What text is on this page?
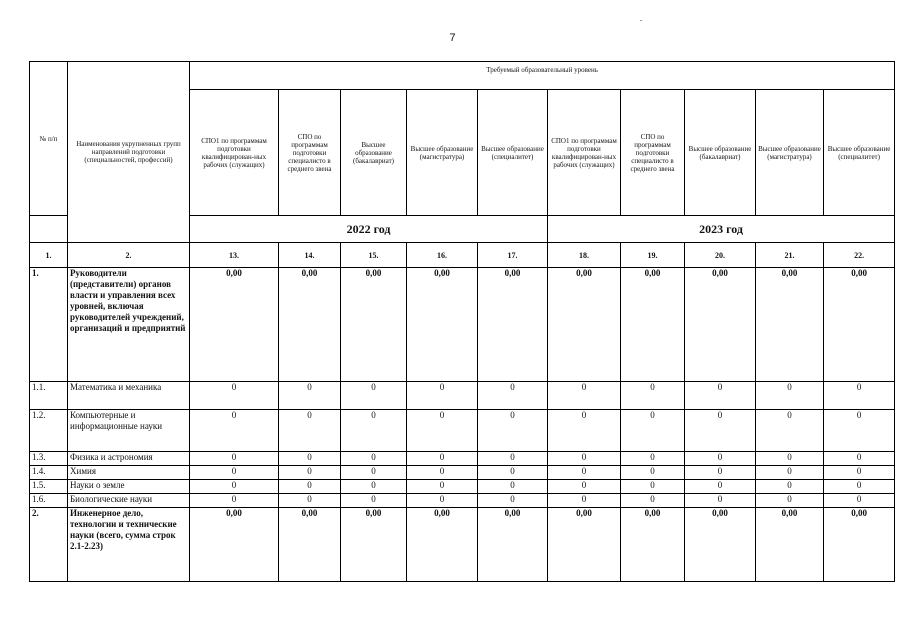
7
№ п/п	Наименования укрупненных групп направлений подготовки (специальностей, профессий)	Требуемый образовательный уровень									
		СПО1 по программам подготовки квалифицирован-ных рабочих (служащих)	СПО по программам подготовки специалисто в среднего звена	Высшее образование (бакалавриат)	Высшее образование (магистратура)	Высшее образование (специалитет)	СПО1 по программам подготовки квалифицирован-ных рабочих (служащих)	СПО по программам подготовки специалисто в среднего звена	Высшее образование (бакалавриат)	Высшее образование (магистратура)	Высшее образование (специалитет)
		2022 год					2023 год				
1.	2.	13.	14.	15.	16.	17.	18.	19.	20.	21.	22.
1.	Руководители (представители) органов власти и управления всех уровней, включая руководителей учреждений, организаций и предприятий	0,00	0,00	0,00	0,00	0,00	0,00	0,00	0,00	0,00	0,00
1.1.	Математика и механика	0	0	0	0	0	0	0	0	0	0
1.2.	Компьютерные и информационные науки	0	0	0	0	0	0	0	0	0	0
1.3.	Физика и астрономия	0	0	0	0	0	0	0	0	0	0
1.4.	Химия	0	0	0	0	0	0	0	0	0	0
1.5.	Науки о земле	0	0	0	0	0	0	0	0	0	0
1.6.	Биологические науки	0	0	0	0	0	0	0	0	0	0
2.	Инженерное дело, технологии и технические науки (всего, сумма строк 2.1-2.23)	0,00	0,00	0,00	0,00	0,00	0,00	0,00	0,00	0,00	0,00
